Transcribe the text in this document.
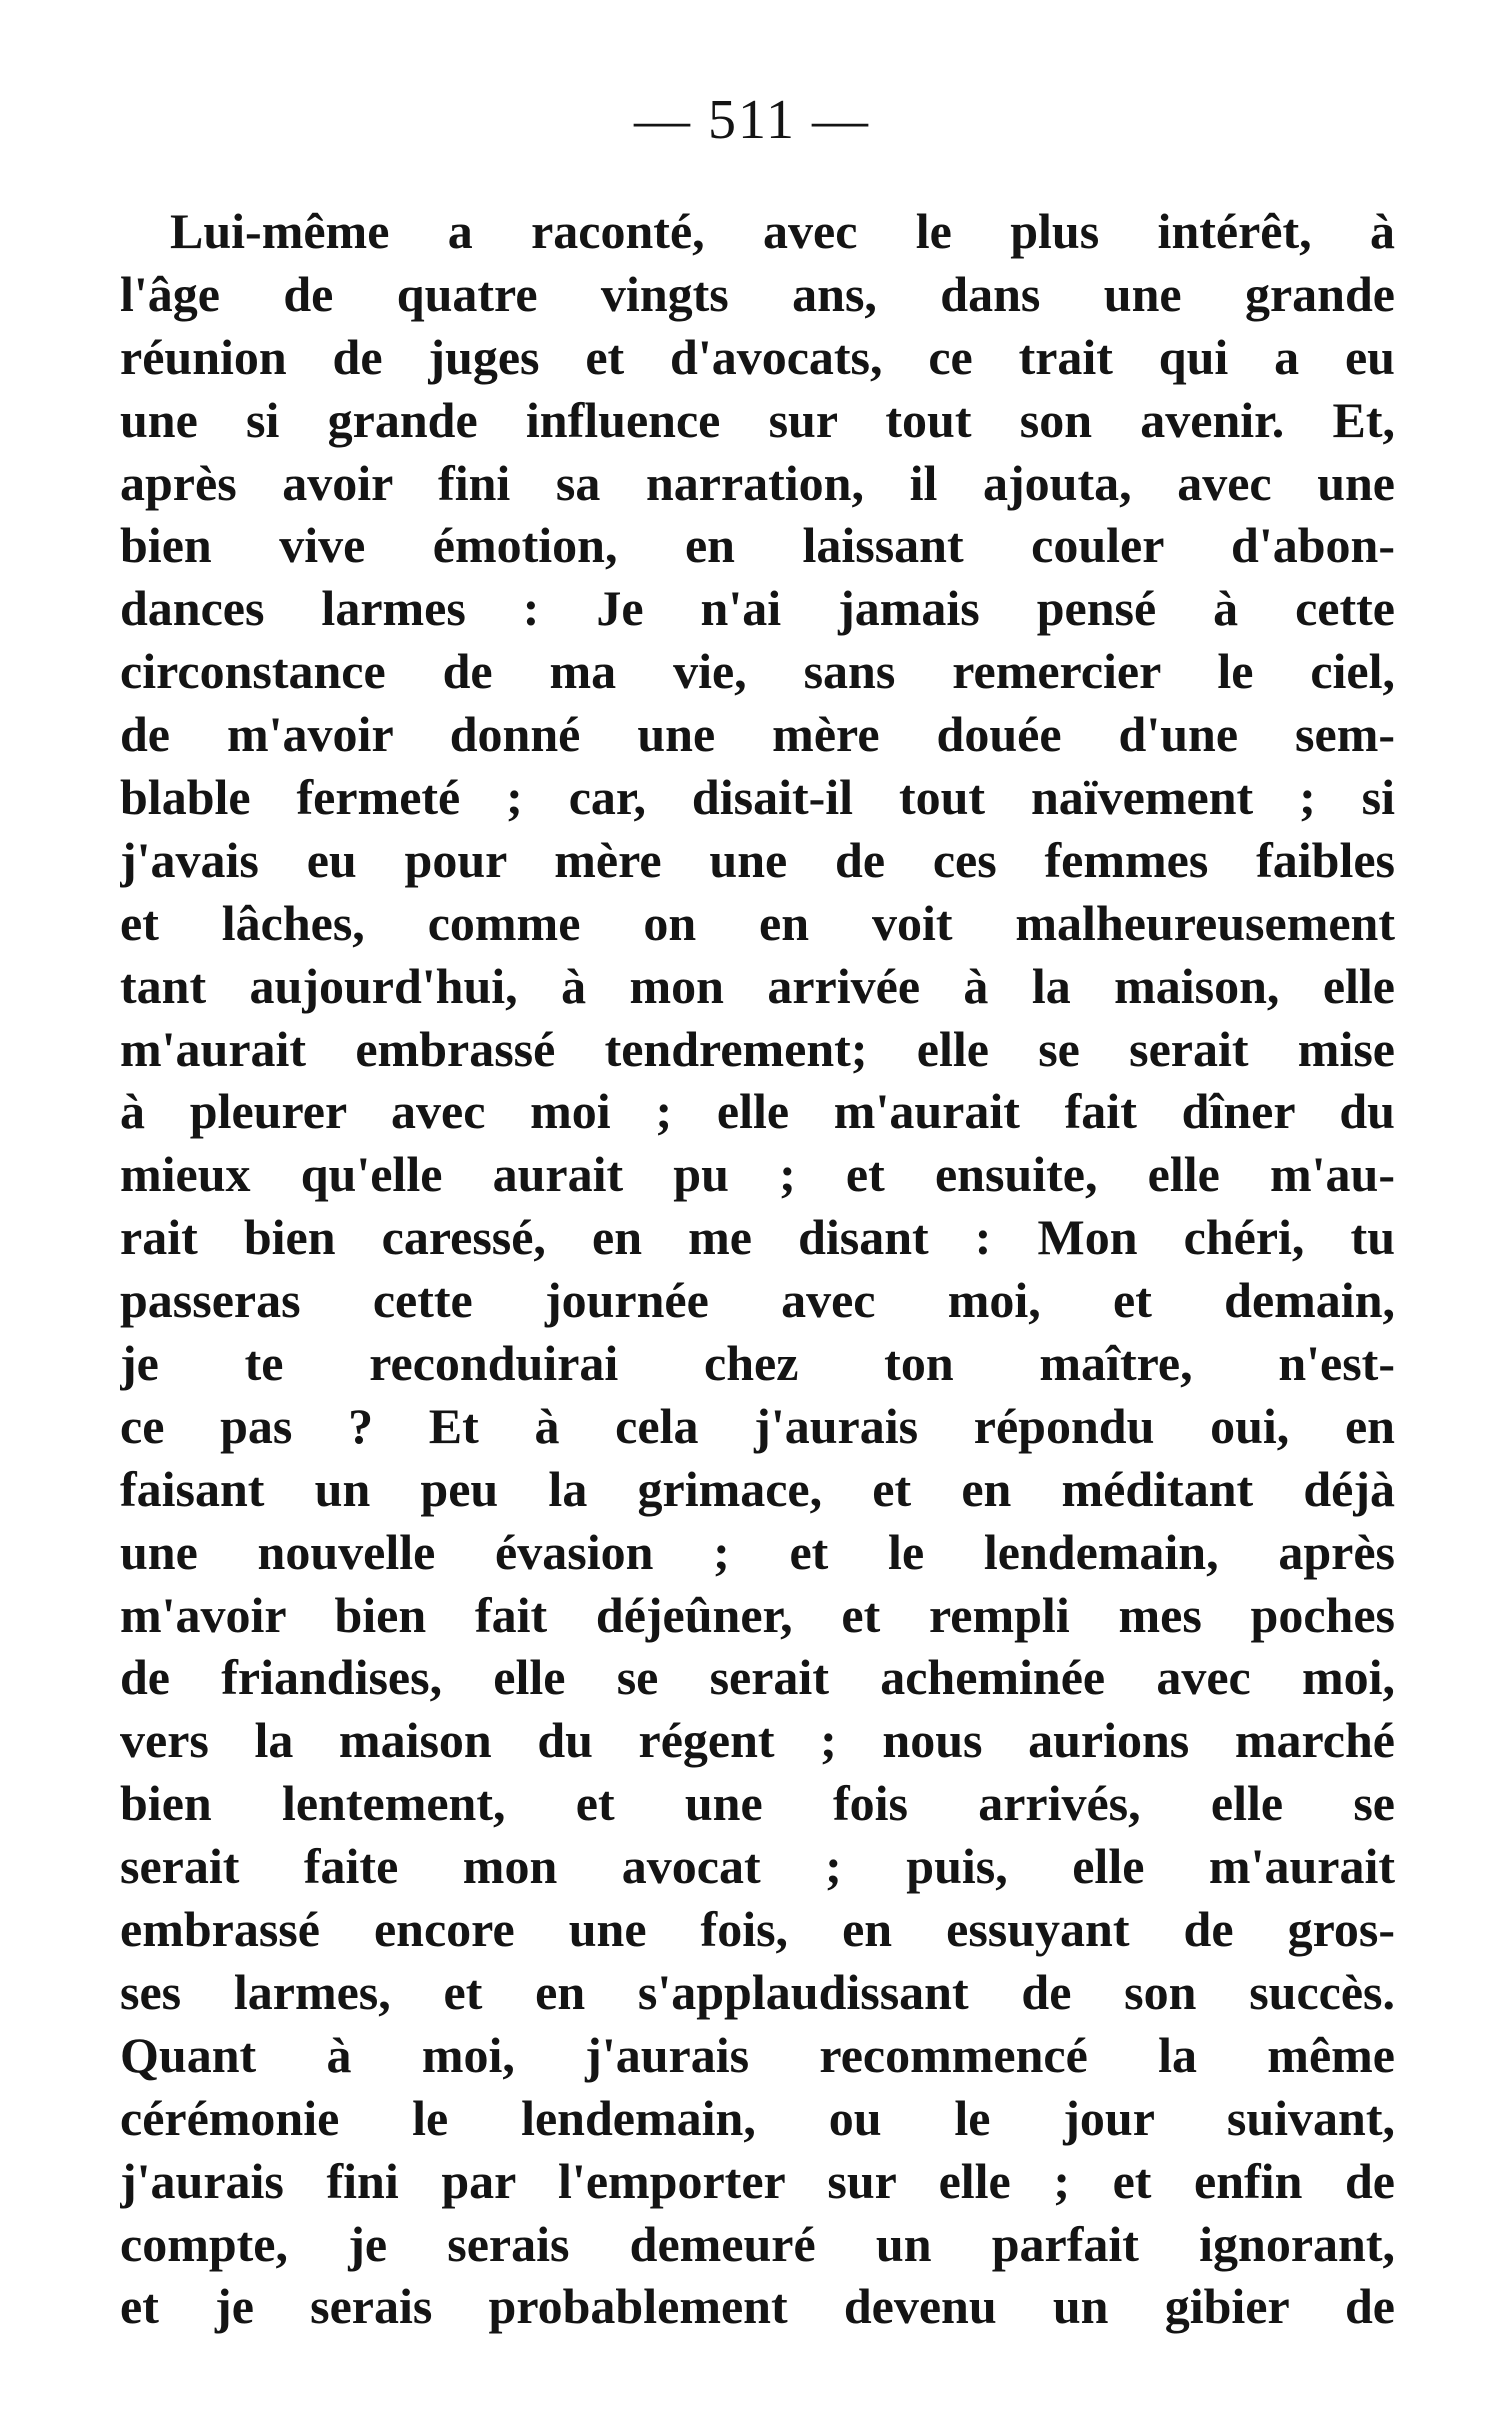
— 511 —
Lui-même a raconté, avec le plus intérêt, à
l'âge de quatre vingts ans, dans une grande
réunion de juges et d'avocats, ce trait qui a eu
une si grande influence sur tout son avenir. Et,
après avoir fini sa narration, il ajouta, avec une
bien vive émotion, en laissant couler d'abon-
dances larmes : Je n'ai jamais pensé à cette
circonstance de ma vie, sans remercier le ciel,
de m'avoir donné une mère douée d'une sem-
blable fermeté ; car, disait-il tout naïvement ; si
j'avais eu pour mère une de ces femmes faibles
et lâches, comme on en voit malheureusement
tant aujourd'hui, à mon arrivée à la maison, elle
m'aurait embrassé tendrement; elle se serait mise
à pleurer avec moi ; elle m'aurait fait dîner du
mieux qu'elle aurait pu ; et ensuite, elle m'au-
rait bien caressé, en me disant : Mon chéri, tu
passeras cette journée avec moi, et demain,
je te reconduirai chez ton maître, n'est-
ce pas ? Et à cela j'aurais répondu oui, en
faisant un peu la grimace, et en méditant déjà
une nouvelle évasion ; et le lendemain, après
m'avoir bien fait déjeûner, et rempli mes poches
de friandises, elle se serait acheminée avec moi,
vers la maison du régent ; nous aurions marché
bien lentement, et une fois arrivés, elle se
serait faite mon avocat ; puis, elle m'aurait
embrassé encore une fois, en essuyant de gros-
ses larmes, et en s'applaudissant de son succès.
Quant à moi, j'aurais recommencé la même
cérémonie le lendemain, ou le jour suivant,
j'aurais fini par l'emporter sur elle ; et enfin de
compte, je serais demeuré un parfait ignorant,
et je serais probablement devenu un gibier de
